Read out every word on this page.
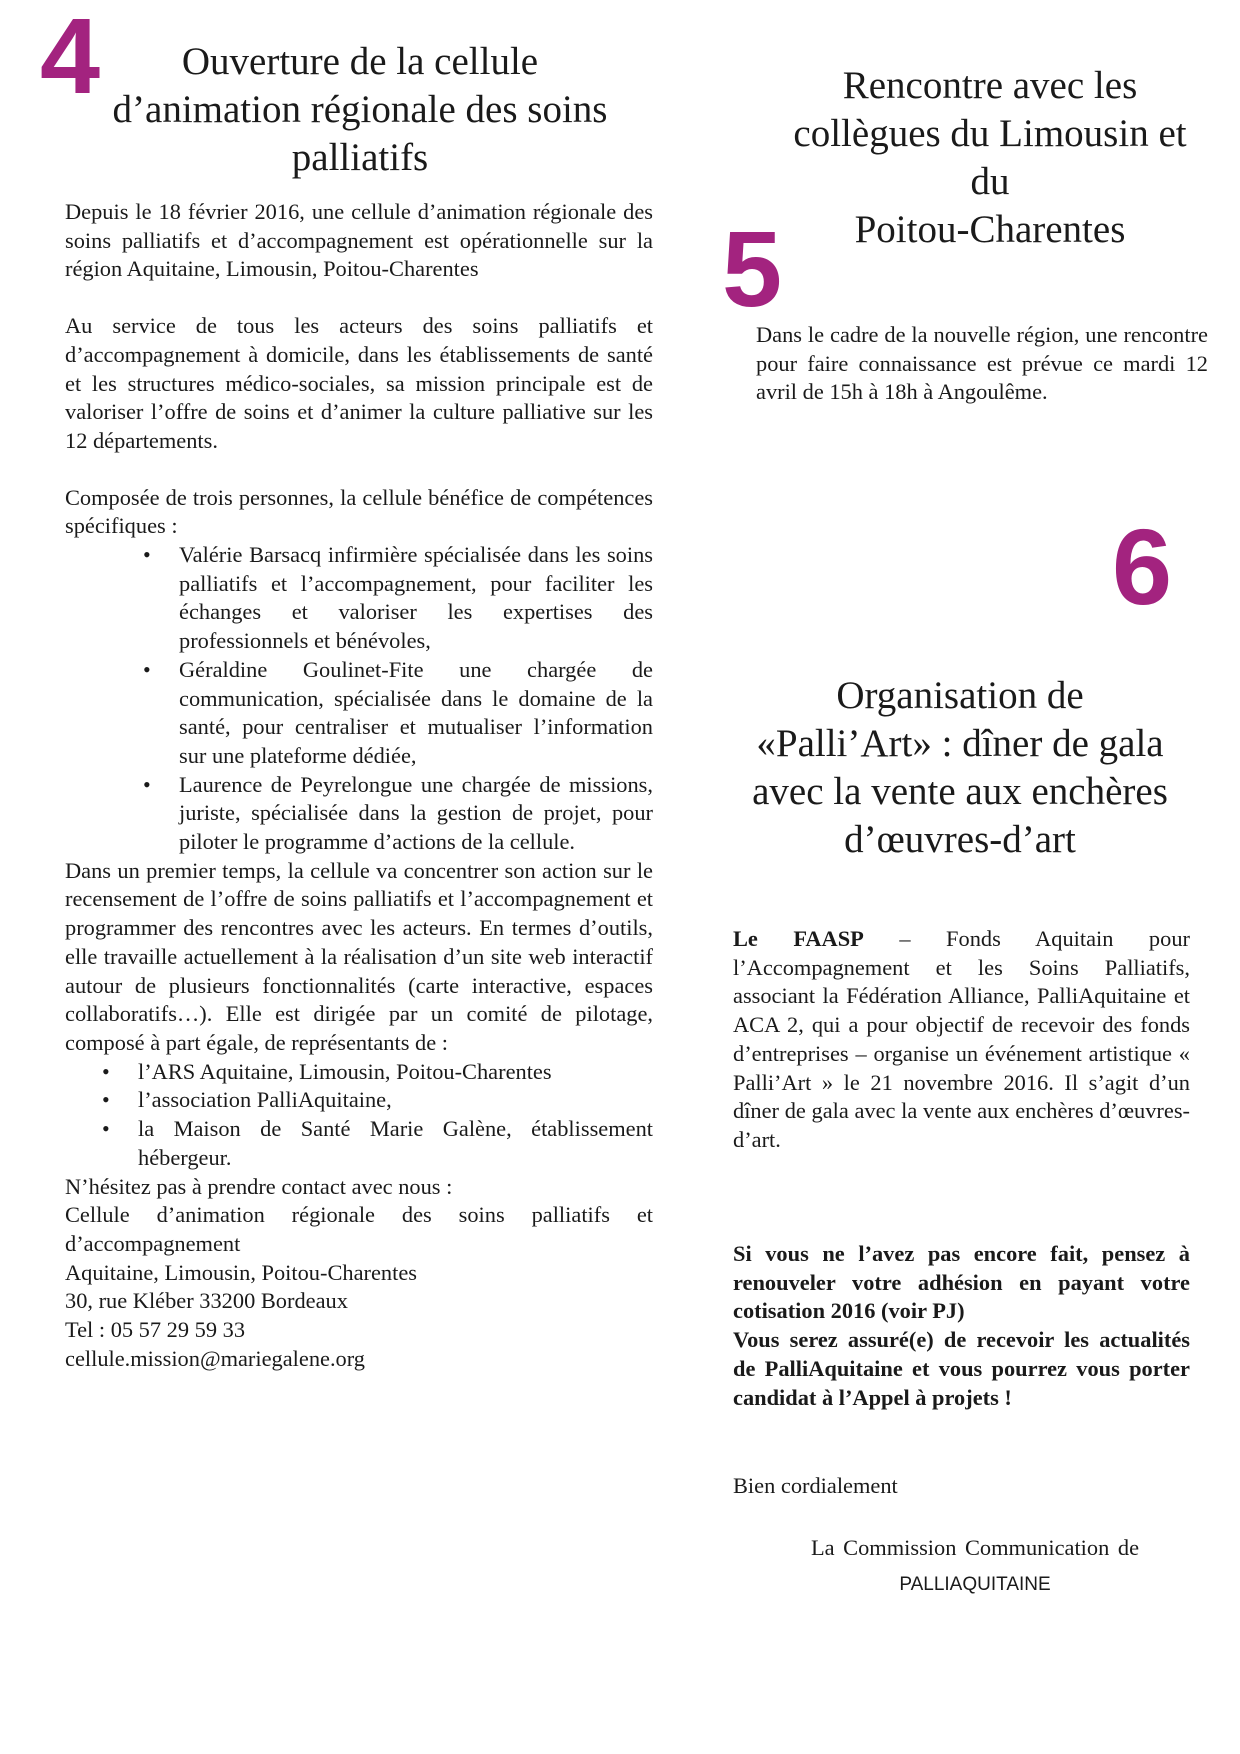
4	Ouverture de la cellule
d’animation régionale des soins
palliatifs

Depuis le 18 février 2016, une cellule d’animation régionale des soins palliatifs et d’accompagnement est opérationnelle sur la région Aquitaine, Limousin, Poitou-Charentes

Au service de tous les acteurs des soins palliatifs et d’accompagnement à domicile, dans les établissements de santé et les structures médico-sociales, sa mission principale est de valoriser l’offre de soins et d’animer la culture palliative sur les 12 départements.

Composée de trois personnes, la cellule bénéfice de compétences spécifiques :

• Valérie Barsacq infirmière spécialisée dans les soins palliatifs et l’accompagnement, pour faciliter les échanges et valoriser les expertises des professionnels et bénévoles,
• Géraldine Goulinet-Fite une chargée de communication, spécialisée dans le domaine de la santé, pour centraliser et mutualiser l’information sur une plateforme dédiée,
• Laurence de Peyrelongue une chargée de missions, juriste, spécialisée dans la gestion de projet, pour piloter le programme d’actions de la cellule.

Dans un premier temps, la cellule va concentrer son action sur le recensement de l’offre de soins palliatifs et l’accompagnement et programmer des rencontres avec les acteurs. En termes d’outils, elle travaille actuellement à la réalisation d’un site web interactif autour de plusieurs fonctionnalités (carte interactive, espaces collaboratifs…). Elle est dirigée par un comité de pilotage, composé à part égale, de représentants de :

• l’ARS Aquitaine, Limousin, Poitou-Charentes
• l’association PalliAquitaine,
• la Maison de Santé Marie Galène, établissement hébergeur.

N’hésitez pas à prendre contact avec nous :

Cellule d’animation régionale des soins palliatifs et d’accompagnement

Aquitaine, Limousin, Poitou-Charentes

30, rue Kléber 33200 Bordeaux

Tel : 05 57 29 59 33

cellule.mission@mariegalene.org

Rencontre avec les
collègues du Limousin et
du
Poitou-Charentes
5
Dans le cadre de la nouvelle région, une rencontre pour faire connaissance est prévue ce mardi 12 avril de 15h à 18h à Angoulême.
6
Organisation de
«Palli’Art» : dîner de gala
avec la vente aux enchères
d’œuvres-d’art
Le FAASP – Fonds Aquitain pour l’Accompagnement et les Soins Palliatifs, associant la Fédération Alliance, PalliAquitaine et ACA 2, qui a pour objectif de recevoir des fonds d’entreprises – organise un événement artistique « Palli’Art » le 21 novembre 2016. Il s’agit d’un dîner de gala avec la vente aux enchères d’œuvres-d’art.

Si vous ne l’avez pas encore fait, pensez à renouveler votre adhésion en payant votre cotisation 2016 (voir PJ)

Vous serez assuré(e) de recevoir les actualités de PalliAquitaine et vous pourrez vous porter candidat à l’Appel à projets !

Bien cordialement
La Commission Communication de
PALLIAQUITAINE
